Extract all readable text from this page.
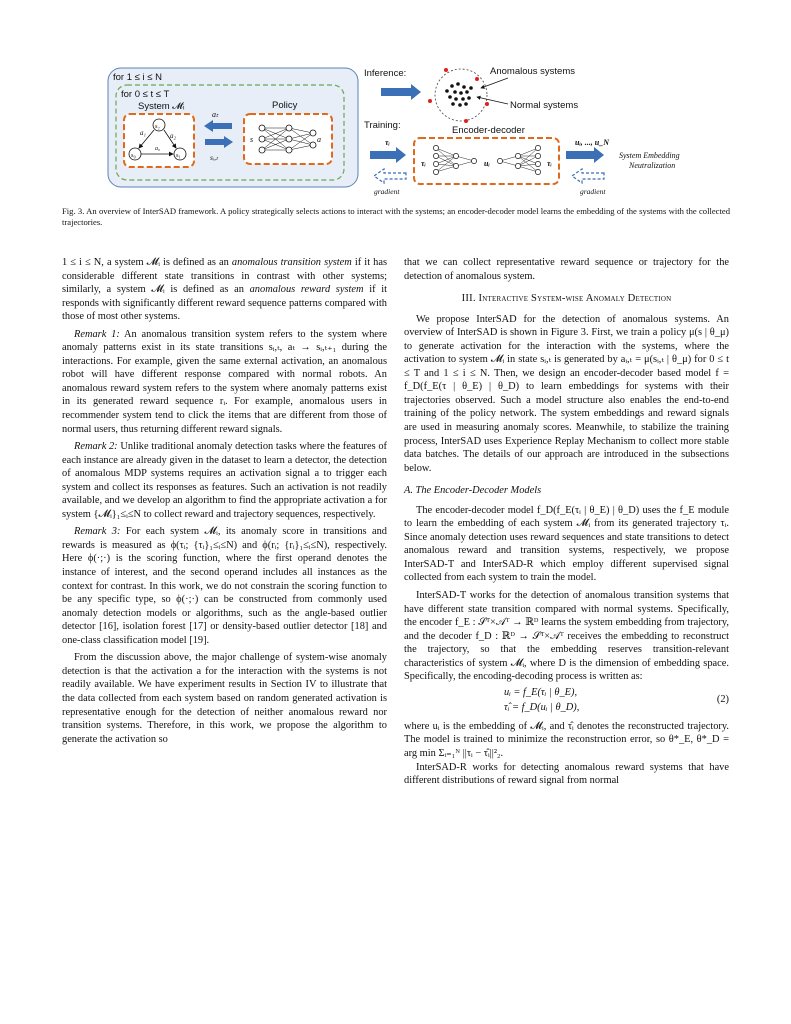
for 1 ≤ i ≤ N
for 0 ≤ t ≤ T
System 𝓜ᵢ
s₂
s₀	s₁
a₁	a₂
a₀
aₜ
sᵢ,ₜ
Policy
s	a
Inference:	Anomalous systems
Normal systems
Training:
τᵢ
gradient
Encoder-decoder
τᵢ	uᵢ	τᵢ
uᵢ, ..., u_N
System Embedding
Neutralization
gradient
Fig. 3. An overview of InterSAD framework. A policy strategically selects actions to interact with the systems; an encoder-decoder model learns the embedding of the systems with the collected trajectories.

1 ≤ i ≤ N, a system 𝓜ᵢ is defined as an anomalous transition system if it has considerable different state transitions in contrast with other systems; similarly, a system 𝓜ᵢ is defined as an anomalous reward system if it responds with significantly different reward sequence patterns compared with those of most other systems.

Remark 1: An anomalous transition system refers to the system where anomaly patterns exist in its state transitions sᵢ,ₜ, aₜ → sᵢ,ₜ₊₁ during the interactions. For example, given the same external activation, an anomalous robot will have different response compared with normal robots. An anomalous reward system refers to the system where anomaly patterns exist in its generated reward sequence rᵢ. For example, anomalous users in recommender system tend to click the items that are different from those of normal users, thus returning different reward signals.

Remark 2: Unlike traditional anomaly detection tasks where the features of each instance are already given in the dataset to learn a detector, the detection of anomalous MDP systems requires an activation signal a to trigger each system and collect its responses as features. Such an activation is not readily available, and we develop an algorithm to find the appropriate activation a for system {𝓜ᵢ}₁≤ᵢ≤N to collect reward and trajectory sequences, respectively.

Remark 3: For each system 𝓜ᵢ, its anomaly score in transitions and rewards is measured as ϕ(τᵢ; {τᵢ}₁≤ᵢ≤N) and ϕ(rᵢ; {rᵢ}₁≤ᵢ≤N), respectively. Here ϕ(·;·) is the scoring function, where the first operand denotes the instance of interest, and the second operand includes all instances as the context for contrast. In this work, we do not constrain the scoring function to be any specific type, so ϕ(·;·) can be constructed from commonly used anomaly detection models or algorithms, such as the angle-based outlier detector [16], isolation forest [17] or density-based outlier detector [18] and one-class classification model [19].

From the discussion above, the major challenge of system-wise anomaly detection is that the activation a for the interaction with the systems is not readily available. We have experiment results in Section IV to illustrate that the data collected from each system based on random generated activation is representative enough for the detection of neither anomalous reward nor transition systems. Therefore, in this work, we propose the algorithm to generate the activation so

that we can collect representative reward sequence or trajectory for the detection of anomalous system.

III. Interactive System-wise Anomaly Detection

We propose InterSAD for the detection of anomalous systems. An overview of InterSAD is shown in Figure 3. First, we train a policy μ(s | θ_μ) to generate activation for the interaction with the systems, where the activation to system 𝓜ᵢ in state sᵢ,ₜ is generated by aᵢ,ₜ = μ(sᵢ,ₜ | θ_μ) for 0 ≤ t ≤ T and 1 ≤ i ≤ N. Then, we design an encoder-decoder based model f = f_D(f_E(τ | θ_E) | θ_D) to learn embeddings for systems with their trajectories observed. Such a model structure also enables the end-to-end training of the policy network. The system embeddings and reward signals are used in measuring anomaly scores. Meanwhile, to stabilize the training process, InterSAD uses Experience Replay Mechanism to collect more stable data batches. The details of our approach are introduced in the subsections below.

A. The Encoder-Decoder Models

The encoder-decoder model f_D(f_E(τᵢ | θ_E) | θ_D) uses the f_E module to learn the embedding of each system 𝓜ᵢ from its generated trajectory τᵢ. Since anomaly detection uses reward sequences and state transitions to detect anomalous reward and transition systems, respectively, we propose InterSAD-T and InterSAD-R which employ different supervised signal collected from each system to train the model.

InterSAD-T works for the detection of anomalous transition systems that have different state transition compared with normal systems. Specifically, the encoder f_E : 𝒮ᵀ×𝒜ᵀ → ℝᴰ learns the system embedding from trajectory, and the decoder f_D : ℝᴰ → 𝒮ᵀ×𝒜ᵀ receives the embedding to reconstruct the trajectory, so that the embedding reserves transition-relevant characteristics of system 𝓜ᵢ, where D is the dimension of embedding space. Specifically, the encoding-decoding process is written as:

uᵢ = f_E(τᵢ | θ_E),
τ̂ᵢ = f_D(uᵢ | θ_D),
(2)

where uᵢ is the embedding of 𝓜ᵢ, and τ̂ᵢ denotes the reconstructed trajectory. The model is trained to minimize the reconstruction error, so θ*_E, θ*_D = arg min Σᵢ₌₁ᴺ ||τᵢ − τ̂ᵢ||²₂.

InterSAD-R works for detecting anomalous reward systems that have different distributions of reward signal from normal
